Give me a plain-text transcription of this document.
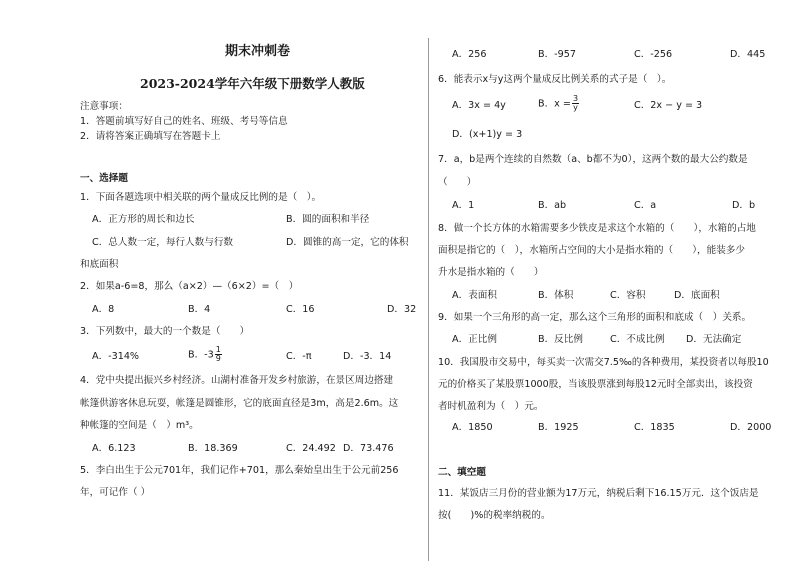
期末冲刺卷
2023-2024学年六年级下册数学人教版
注意事项：
1．答题前填写好自己的姓名、班级、考号等信息
2．请将答案正确填写在答题卡上
一、选择题
1．下面各题选项中相关联的两个量成反比例的是（　）。
A．正方形的周长和边长	B．圆的面积和半径
C．总人数一定，每行人数与行数	D．圆锥的高一定，它的体积
和底面积
2．如果a-6=8，那么（a×2）—（6×2）=（　）
A．8	B．4	C．16	D．32
3．下列数中，最大的一个数是（　　）
A．-314%	B．$-3 \frac{1}{9}$	C．-π	D．-3．14
4．党中央提出振兴乡村经济。山湖村准备开发乡村旅游，在景区周边搭建
帐篷供游客休息玩耍，帐篷是圆锥形，它的底面直径是3m，高是2.6m。这
种帐篷的空间是（　）m³。
A．6.123	B．18.369	C．24.492 D．73.476
5．李白出生于公元701年，我们记作+701，那么秦始皇出生于公元前256
年，可记作（ ）
A．256	B．-957	C．-256	D．445
6．能表示x与y这两个量成反比例关系的式子是（　）。
A．3x = 4y	B．$x = \frac{3}{y}$	C．2x − y = 3
D．(x+1)y = 3
7．a，b是两个连续的自然数（a、b都不为0），这两个数的最大公约数是
（　　）
A．1	B．ab	C．a	D．b
8．做一个长方体的水箱需要多少铁皮是求这个水箱的（　　），水箱的占地
面积是指它的（　），水箱所占空间的大小是指水箱的（　　），能装多少
升水是指水箱的（　　）
A．表面积	B．体积	C．容积	D．底面积
9．如果一个三角形的高一定，那么这个三角形的面积和底成（　）关系。
A．正比例	B．反比例	C．不成比例 D．无法确定
10．我国股市交易中，每买卖一次需交7.5‰的各种费用，某投资者以每股10
元的价格买了某股票1000股，当该股票涨到每股12元时全部卖出，该投资
者时机盈利为（　）元。
A．1850	B．1925	C．1835	D．2000
二、填空题
11．某饭店三月份的营业额为17万元，纳税后剩下16.15万元．这个饭店是
按(　　)%的税率纳税的。
